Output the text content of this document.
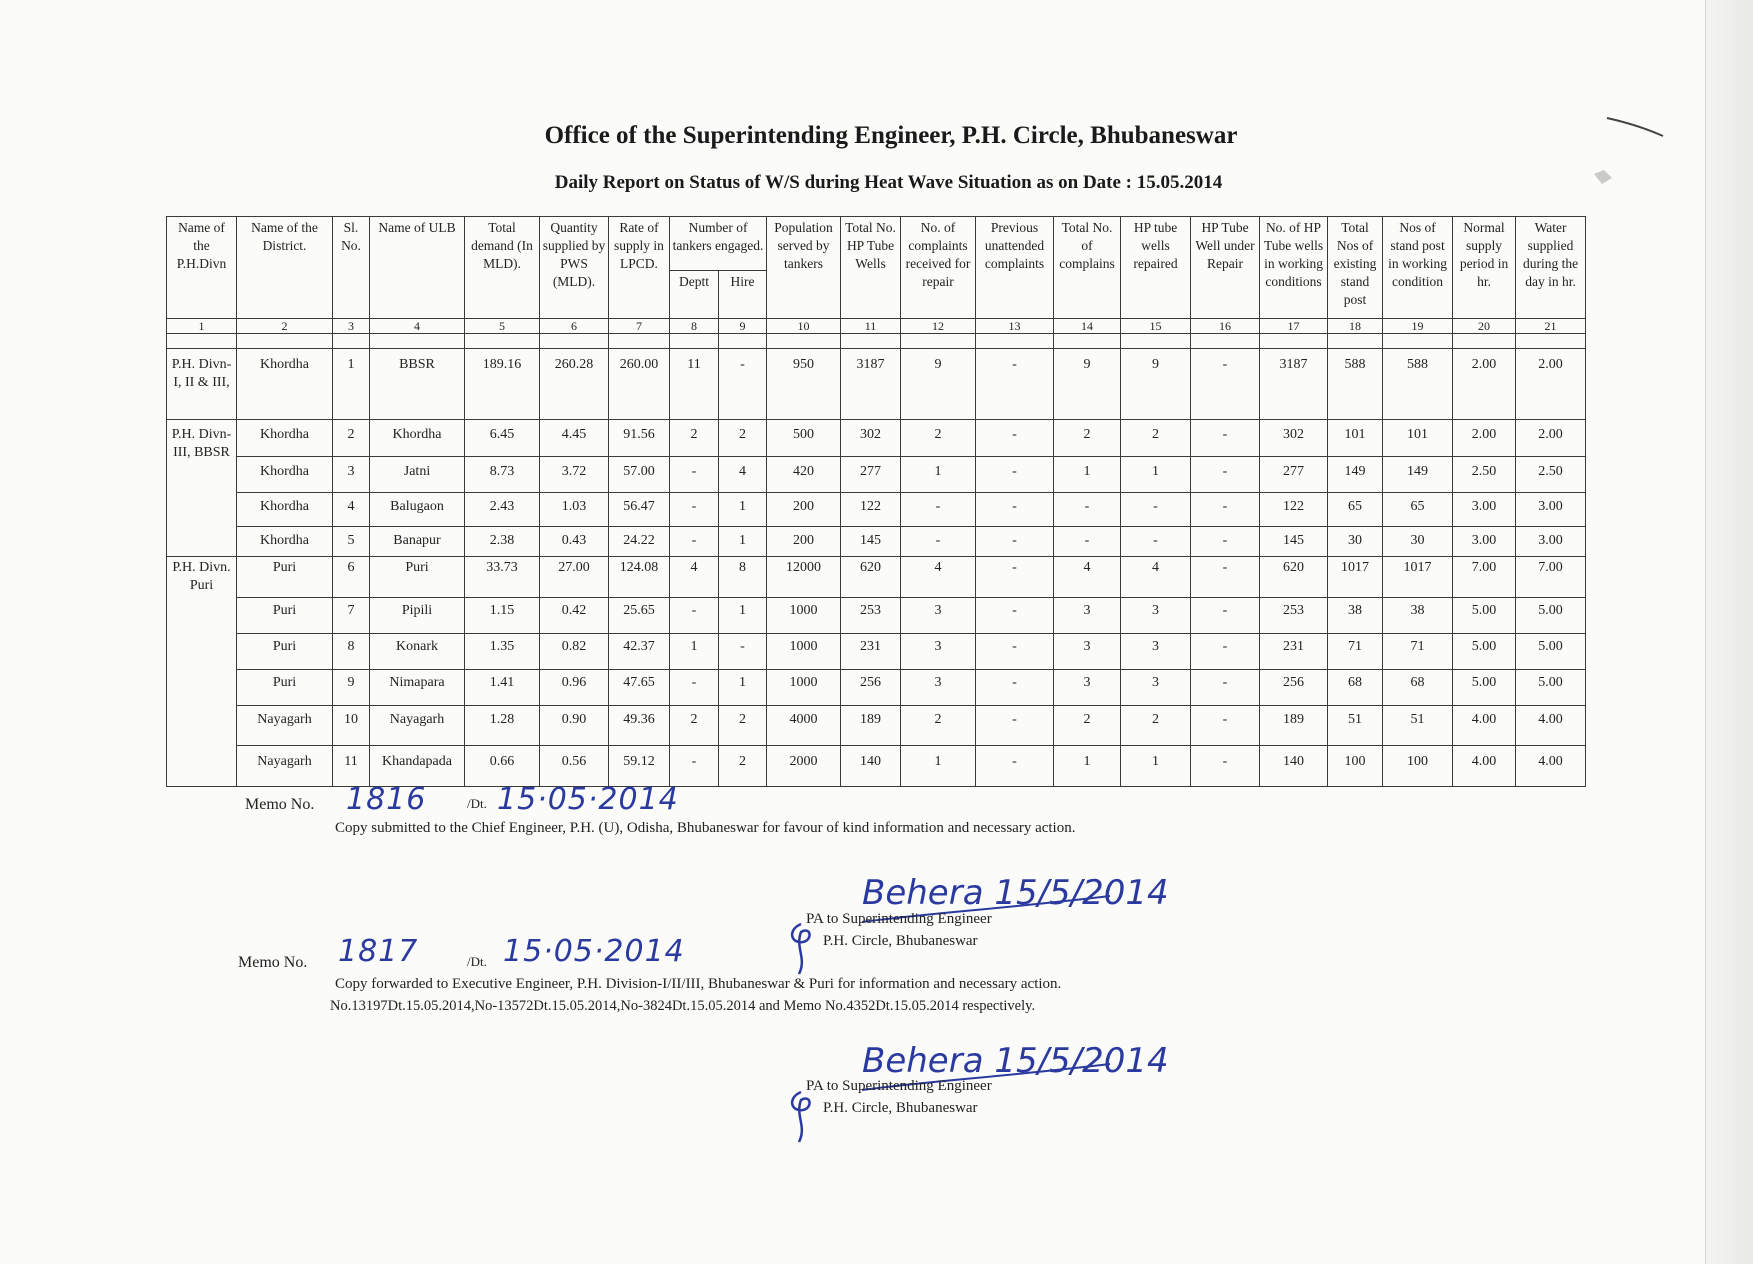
Office of the Superintending Engineer, P.H. Circle, Bhubaneswar
Daily Report on Status of W/S during Heat Wave Situation as on Date : 15.05.2014
Name of the P.H.Divn	Name of the District.	Sl. No.	Name of ULB	Total demand (In MLD).	Quantity supplied by PWS (MLD).	Rate of supply in LPCD.	Number of tankers engaged.		Population served by tankers	Total No. HP Tube Wells	No. of complaints received for repair	Previous unattended complaints	Total No. of complains	HP tube wells repaired	HP Tube Well under Repair	No. of HP Tube wells in working conditions	Total Nos of existing stand post	Nos of stand post in working condition	Normal supply period in hr.	Water supplied during the day in hr.
							Deptt	Hire												
1	2	3	4	5	6	7	8	9	10	11	12	13	14	15	16	17	18	19	20	21

P.H. Divn-I, II & III,	Khordha	1	BBSR	189.16	260.28	260.00	11	-	950	3187	9	-	9	9	-	3187	588	588	2.00	2.00
P.H. Divn-III, BBSR	Khordha	2	Khordha	6.45	4.45	91.56	2	2	500	302	2	-	2	2	-	302	101	101	2.00	2.00
	Khordha	3	Jatni	8.73	3.72	57.00	-	4	420	277	1	-	1	1	-	277	149	149	2.50	2.50
	Khordha	4	Balugaon	2.43	1.03	56.47	-	1	200	122	-	-	-	-	-	122	65	65	3.00	3.00
	Khordha	5	Banapur	2.38	0.43	24.22	-	1	200	145	-	-	-	-	-	145	30	30	3.00	3.00
P.H. Divn. Puri	Puri	6	Puri	33.73	27.00	124.08	4	8	12000	620	4	-	4	4	-	620	1017	1017	7.00	7.00
	Puri	7	Pipili	1.15	0.42	25.65	-	1	1000	253	3	-	3	3	-	253	38	38	5.00	5.00
	Puri	8	Konark	1.35	0.82	42.37	1	-	1000	231	3	-	3	3	-	231	71	71	5.00	5.00
	Puri	9	Nimapara	1.41	0.96	47.65	-	1	1000	256	3	-	3	3	-	256	68	68	5.00	5.00
	Nayagarh	10	Nayagarh	1.28	0.90	49.36	2	2	4000	189	2	-	2	2	-	189	51	51	4.00	4.00
	Nayagarh	11	Khandapada	0.66	0.56	59.12	-	2	2000	140	1	-	1	1	-	140	100	100	4.00	4.00
Memo No. 1816	/Dt. 15·05·2014
Copy submitted to the Chief Engineer, P.H. (U), Odisha, Bhubaneswar for favour of kind information and necessary action.
Behera 15/5/2014
PA to Superintending Engineer
P.H. Circle, Bhubaneswar
Memo No. 1817	/Dt. 15·05·2014
Copy forwarded to Executive Engineer, P.H. Division-I/II/III, Bhubaneswar & Puri for information and necessary action.
No.13197Dt.15.05.2014,No-13572Dt.15.05.2014,No-3824Dt.15.05.2014 and Memo No.4352Dt.15.05.2014 respectively.
Behera 15/5/2014
PA to Superintending Engineer
P.H. Circle, Bhubaneswar
